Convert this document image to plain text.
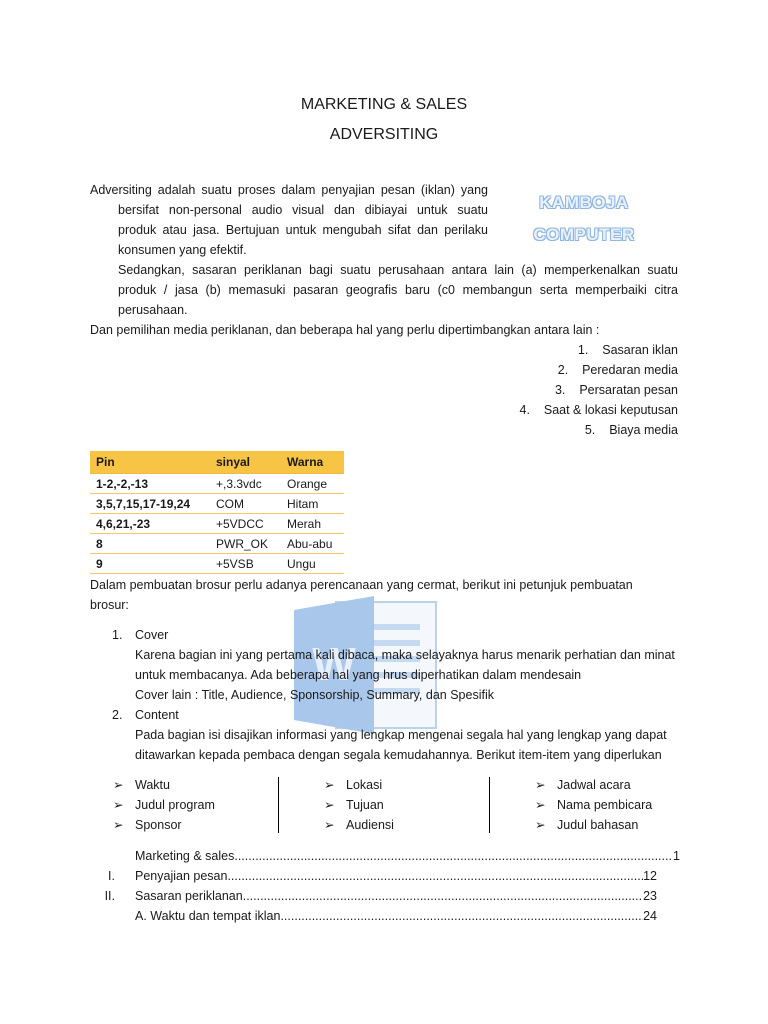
W
MARKETING & SALES
ADVERSITING
KAMBOJA
COMPUTER
Adversiting adalah suatu proses dalam penyajian pesan (iklan) yang
bersifat non-personal audio visual dan dibiayai untuk suatu
produk atau jasa. Bertujuan untuk mengubah sifat dan perilaku
konsumen yang efektif.
Sedangkan, sasaran periklanan bagi suatu perusahaan antara lain (a) memperkenalkan suatu
produk / jasa (b) memasuki pasaran geografis baru (c0 membangun serta memperbaiki citra
perusahaan.
Dan pemilihan media periklanan, dan beberapa hal yang perlu dipertimbangkan antara lain :
1. Sasaran iklan
2. Peredaran media
3. Persaratan pesan
4. Saat & lokasi keputusan
5. Biaya media
Pin	sinyal	Warna
1-2,-2,-13	+,3.3vdc	Orange
3,5,7,15,17-19,24	COM	Hitam
4,6,21,-23	+5VDCC	Merah
8	PWR_OK	Abu-abu
9	+5VSB	Ungu
Dalam pembuatan brosur perlu adanya perencanaan yang cermat, berikut ini petunjuk pembuatan
brosur:
1. Cover
Karena bagian ini yang pertama kali dibaca, maka selayaknya harus menarik perhatian dan minat
untuk membacanya. Ada beberapa hal yang hrus diperhatikan dalam mendesain
Cover lain : Title, Audience, Sponsorship, Summary, dan Spesifik
2. Content
Pada bagian isi disajikan informasi yang lengkap mengenai segala hal yang lengkap yang dapat
ditawarkan kepada pembaca dengan segala kemudahannya. Berikut item-item yang diperlukan
➢ Waktu
➢ Judul program
➢ Sponsor
➢ Lokasi
➢ Tujuan
➢ Audiensi
➢ Jadwal acara
➢ Nama pembicara
➢ Judul bahasan
Marketing & sales .....	1
I. Penyajian pesan .....	12
II. Sasaran periklanan .....	23
A. Waktu dan tempat iklan .....	24
